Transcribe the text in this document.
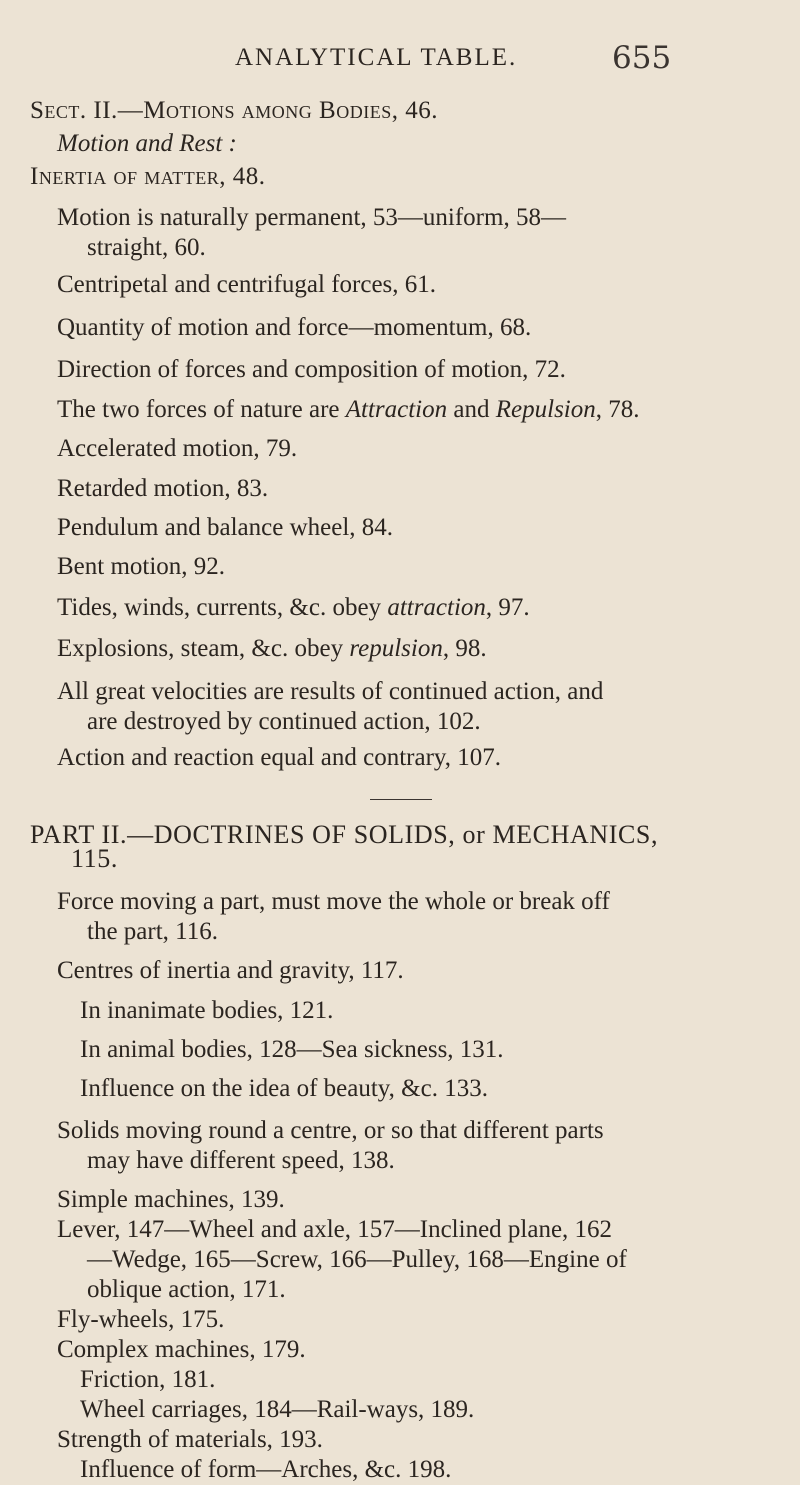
ANALYTICAL TABLE.	655
Sect. II.—Motions among Bodies, 46.
Motion and Rest :
Inertia of matter, 48.
Motion is naturally permanent, 53—uniform, 58—
straight, 60.
Centripetal and centrifugal forces, 61.
Quantity of motion and force—momentum, 68.
Direction of forces and composition of motion, 72.
The two forces of nature are Attraction and Repulsion, 78.
Accelerated motion, 79.
Retarded motion, 83.
Pendulum and balance wheel, 84.
Bent motion, 92.
Tides, winds, currents, &c. obey attraction, 97.
Explosions, steam, &c. obey repulsion, 98.
All great velocities are results of continued action, and
are destroyed by continued action, 102.
Action and reaction equal and contrary, 107.
PART II.—DOCTRINES OF SOLIDS, or MECHANICS,
115.
Force moving a part, must move the whole or break off
the part, 116.
Centres of inertia and gravity, 117.
In inanimate bodies, 121.
In animal bodies, 128—Sea sickness, 131.
Influence on the idea of beauty, &c. 133.
Solids moving round a centre, or so that different parts
may have different speed, 138.
Simple machines, 139.
Lever, 147—Wheel and axle, 157—Inclined plane, 162
—Wedge, 165—Screw, 166—Pulley, 168—Engine of
oblique action, 171.
Fly-wheels, 175.
Complex machines, 179.
Friction, 181.
Wheel carriages, 184—Rail-ways, 189.
Strength of materials, 193.
Influence of form—Arches, &c. 198.
